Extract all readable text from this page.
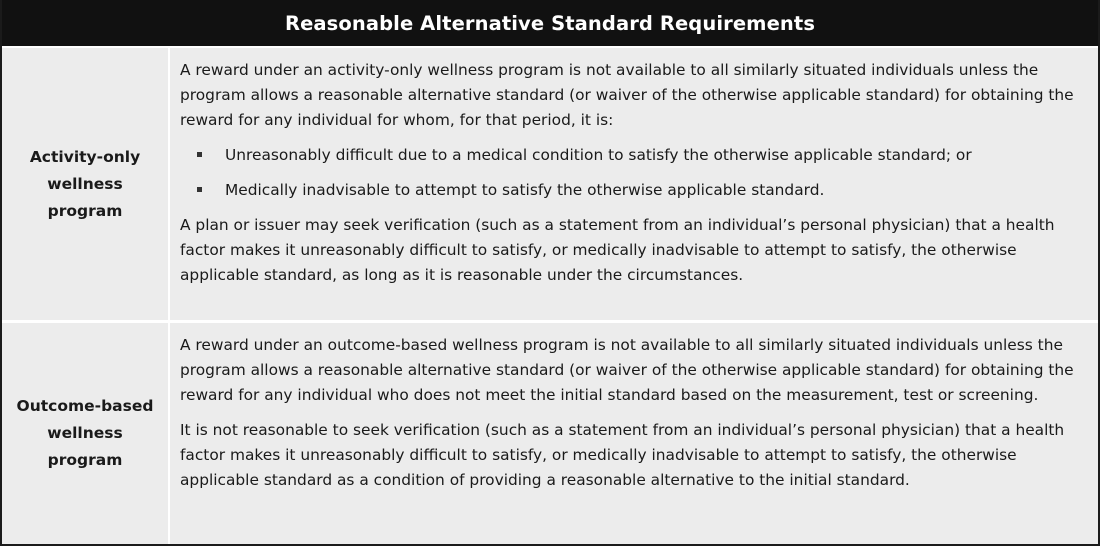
Reasonable Alternative Standard Requirements
Activity-only
wellness
program

A reward under an activity-only wellness program is not available to all similarly situated individuals unless the program allows a reasonable alternative standard (or waiver of the otherwise applicable standard) for obtaining the reward for any individual for whom, for that period, it is:

Unreasonably difficult due to a medical condition to satisfy the otherwise applicable standard; or
Medically inadvisable to attempt to satisfy the otherwise applicable standard.

A plan or issuer may seek verification (such as a statement from an individual’s personal physician) that a health factor makes it unreasonably difficult to satisfy, or medically inadvisable to attempt to satisfy, the otherwise applicable standard, as long as it is reasonable under the circumstances.

Outcome-based
wellness
program

A reward under an outcome-based wellness program is not available to all similarly situated individuals unless the program allows a reasonable alternative standard (or waiver of the otherwise applicable standard) for obtaining the reward for any individual who does not meet the initial standard based on the measurement, test or screening.

It is not reasonable to seek verification (such as a statement from an individual’s personal physician) that a health factor makes it unreasonably difficult to satisfy, or medically inadvisable to attempt to satisfy, the otherwise applicable standard as a condition of providing a reasonable alternative to the initial standard.
